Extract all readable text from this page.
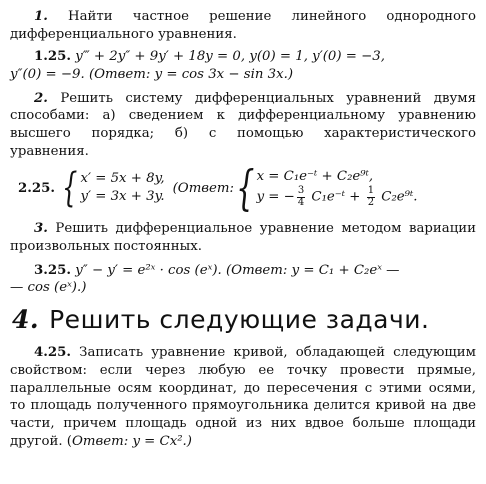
1. Найти частное решение линейного однородного дифференциального уравнения.

1.25. y‴ + 2y″ + 9y′ + 18y = 0, y(0) = 1, y′(0) = −3,

y″(0) = −9. (Ответ: y = cos 3x − sin 3x.)

2. Решить систему дифференциальных уравнений двумя способами: а) сведением к дифференциальному уравнению высшего порядка; б) с помощью характеристического уравнения.

2.25. { x′ = 5x + 8y,
y′ = 3x + 3y.
( Ответ: { x = C₁e⁻ᵗ + C₂e⁹ᵗ,
y = − $\frac{3}{4}$ C₁e⁻ᵗ + $\frac{1}{2}$ C₂e⁹ᵗ.

3. Решить дифференциальное уравнение методом вариации произвольных постоянных.

3.25. y″ − y′ = e²ˣ · cos (eˣ). (Ответ: y = C₁ + C₂eˣ —

— cos (eˣ).)

4. Решить следующие задачи.

4.25. Записать уравнение кривой, обладающей следующим свойством: если через любую ее точку провести прямые, параллельные осям координат, до пересечения с этими осями, то площадь полученного прямоугольника делится кривой на две части, причем площадь одной из них вдвое больше площади другой. (Ответ: y = Cx².)
